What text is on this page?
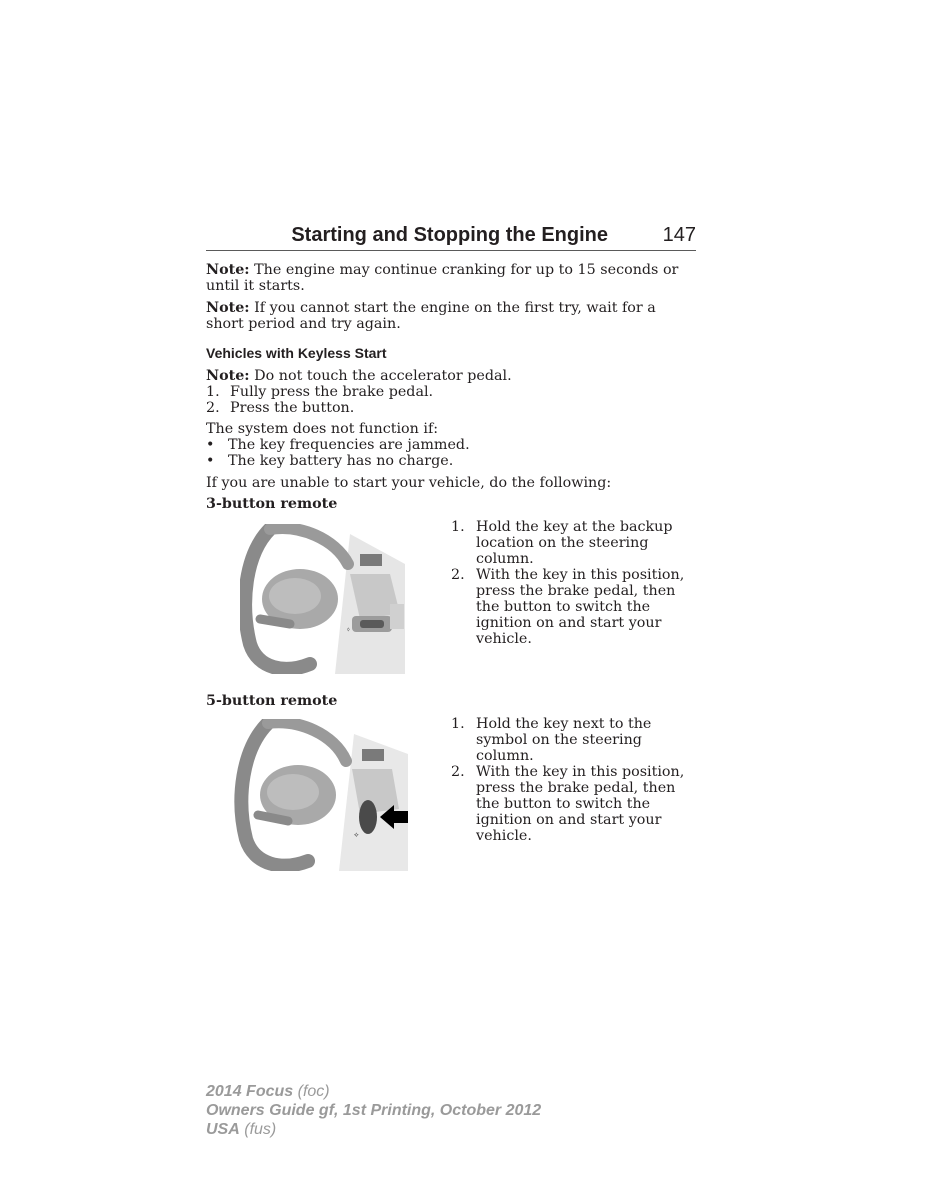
Starting and Stopping the Engine	147
Note: The engine may continue cranking for up to 15 seconds or until it starts.
Note: If you cannot start the engine on the first try, wait for a short period and try again.
Vehicles with Keyless Start
Note: Do not touch the accelerator pedal.
1. Fully press the brake pedal.
2. Press the button.
The system does not function if:
• The key frequencies are jammed.
• The key battery has no charge.
If you are unable to start your vehicle, do the following:
3-button remote
⬨

1. Hold the key at the backup location on the steering column.

2. With the key in this position, press the brake pedal, then the button to switch the ignition on and start your vehicle.

5-button remote
⟡

1. Hold the key next to the symbol on the steering column.

2. With the key in this position, press the brake pedal, then the button to switch the ignition on and start your vehicle.

2014 Focus (foc)
Owners Guide gf, 1st Printing, October 2012
USA (fus)
